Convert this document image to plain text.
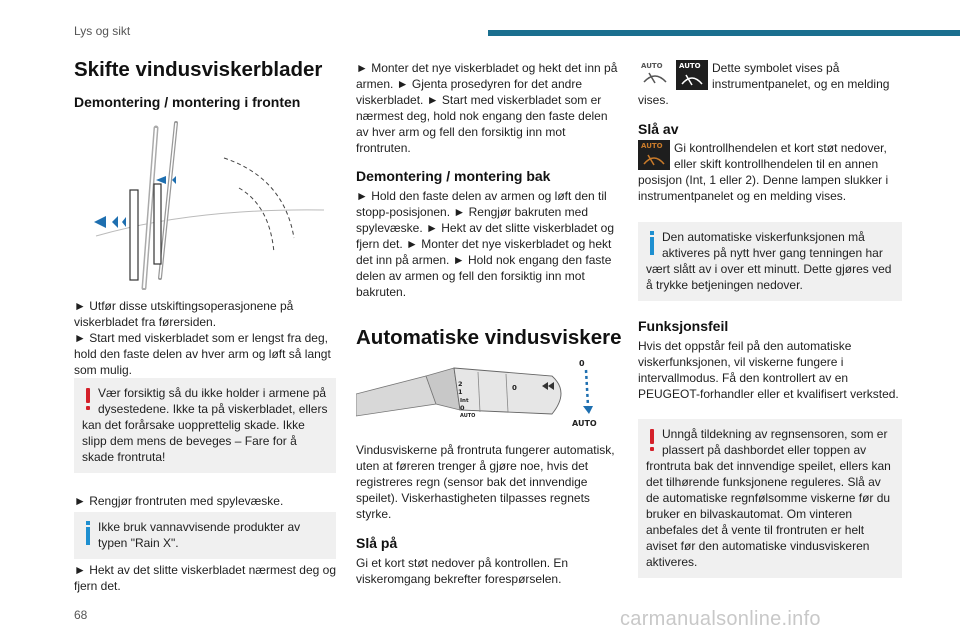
Lys og sikt
Skifte vindusviskerblader
Demontering / montering i fronten

► Utfør disse utskiftingsoperasjonene på viskerbladet fra førersiden.

► Start med viskerbladet som er lengst fra deg, hold den faste delen av hver arm og løft så langt som mulig.

Vær forsiktig så du ikke holder i armene på dysestedene. Ikke ta på viskerbladet, ellers kan det forårsake uopprettelig skade. Ikke slipp dem mens de beveges – Fare for å skade frontruta!

► Rengjør frontruten med spylevæske.

Ikke bruk vannavvisende produkter av typen "Rain X".

► Hekt av det slitte viskerbladet nærmest deg og fjern det.

► Monter det nye viskerbladet og hekt det inn på armen. ► Gjenta prosedyren for det andre viskerbladet. ► Start med viskerbladet som er nærmest deg, hold nok engang den faste delen av hver arm og fell den forsiktig inn mot frontruten.

Demontering / montering bak

► Hold den faste delen av armen og løft den til stopp-posisjonen. ► Rengjør bakruten med spylevæske. ► Hekt av det slitte viskerbladet og fjern det. ► Monter det nye viskerbladet og hekt det inn på armen. ► Hold nok engang den faste delen av armen og fell den forsiktig inn mot bakruten.

Automatiske vindusviskere
2
1
Int
0
AUTO
0
0
AUTO

Vindusviskerne på frontruta fungerer automatisk, uten at føreren trenger å gjøre noe, hvis det registreres regn (sensor bak det innvendige speilet). Viskerhastigheten tilpasses regnets styrke.

Slå på

Gi et kort støt nedover på kontrollen. En viskeromgang bekrefter forespørselen.

AUTO AUTO Dette symbolet vises på instrumentpanelet, og en melding vises.

Slå av
AUTO Gi kontrollhendelen et kort støt nedover, eller skift kontrollhendelen til en annen posisjon (Int, 1 eller 2). Denne lampen slukker i instrumentpanelet og en melding vises.

Den automatiske viskerfunksjonen må aktiveres på nytt hver gang tenningen har vært slått av i over ett minutt. Dette gjøres ved å trykke betjeningen nedover.
Funksjonsfeil

Hvis det oppstår feil på den automatiske viskerfunksjonen, vil viskerne fungere i intervallmodus. Få den kontrollert av en PEUGEOT-forhandler eller et kvalifisert verksted.

Unngå tildekning av regnsensoren, som er plassert på dashbordet eller toppen av frontruta bak det innvendige speilet, ellers kan det tilhørende funksjonene reguleres. Slå av de automatiske regnfølsomme viskerne før du bruker en bilvaskautomat. Om vinteren anbefales det å vente til frontruten er helt aviset før den automatiske vindusviskeren aktiveres.
68	carmanualsonline.info
